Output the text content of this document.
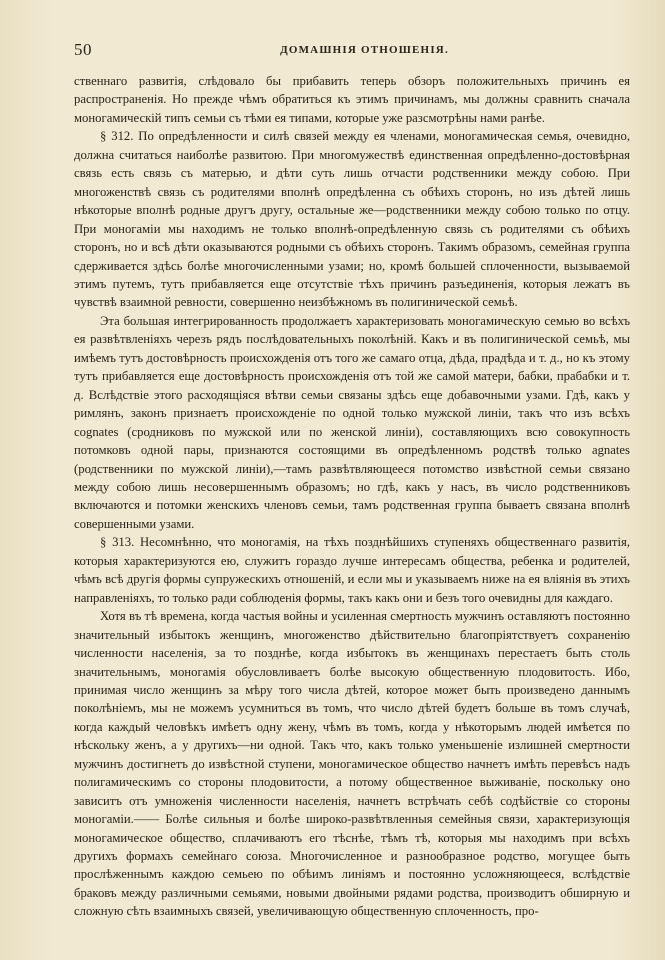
50	ДОМАШНІЯ ОТНОШЕНІЯ.

ственнаго развитія, слѣдовало бы прибавить теперь обзоръ положительныхъ причинъ ея распространенія. Но прежде чѣмъ обратиться къ этимъ причинамъ, мы должны сравнить сначала моногамическій типъ семьи съ тѣми ея типами, которые уже разсмотрѣны нами ранѣе.

§ 312. По опредѣленности и силѣ связей между ея членами, моногамическая семья, очевидно, должна считаться наиболѣе развитою. При многомужествѣ единственная опредѣленно-достовѣрная связь есть связь съ матерью, и дѣти суть лишь отчасти родственники между собою. При многоженствѣ связь съ родителями вполнѣ опредѣленна съ обѣихъ сторонъ, но изъ дѣтей лишь нѣкоторые вполнѣ родные другъ другу, остальные же—родственники между собою только по отцу. При моногаміи мы находимъ не только вполнѣ-опредѣленную связь съ родителями съ обѣихъ сторонъ, но и всѣ дѣти оказываются родными съ обѣихъ сторонъ. Такимъ образомъ, семейная группа сдерживается здѣсь болѣе многочисленными узами; но, кромѣ большей сплоченности, вызываемой этимъ путемъ, тутъ прибавляется еще отсутствіе тѣхъ причинъ разъединенія, которыя лежатъ въ чувствѣ взаимной ревности, совершенно неизбѣжномъ въ полигинической семьѣ.

Эта большая интегрированность продолжаетъ характеризовать моногамическую семью во всѣхъ ея развѣтвленіяхъ черезъ рядъ послѣдовательныхъ поколѣній. Какъ и въ полигинической семьѣ, мы имѣемъ тутъ достовѣрность происхожденія отъ того же самаго отца, дѣда, прадѣда и т. д., но къ этому тутъ прибавляется еще достовѣрность происхожденія отъ той же самой матери, бабки, прабабки и т. д. Вслѣдствіе этого расходящіяся вѣтви семьи связаны здѣсь еще добавочными узами. Гдѣ, какъ у римлянъ, законъ признаетъ происхожденіе по одной только мужской линіи, такъ что изъ всѣхъ cognates (сродниковъ по мужской или по женской линіи), составляющихъ всю совокупность потомковъ одной пары, признаются состоящими въ опредѣленномъ родствѣ только agnates (родственники по мужской линіи),—тамъ развѣтвляющееся потомство извѣстной семьи связано между собою лишь несовершеннымъ образомъ; но гдѣ, какъ у насъ, въ число родственниковъ включаются и потомки женскихъ членовъ семьи, тамъ родственная группа бываетъ связана вполнѣ совершенными узами.

§ 313. Несомнѣнно, что моногамія, на тѣхъ позднѣйшихъ ступеняхъ общественнаго развитія, которыя характеризуются ею, служитъ гораздо лучше интересамъ общества, ребенка и родителей, чѣмъ всѣ другія формы супружескихъ отношеній, и если мы и указываемъ ниже на ея вліянія въ этихъ направленіяхъ, то только ради соблюденія формы, такъ какъ они и безъ того очевидны для каждаго.

Хотя въ тѣ времена, когда частыя войны и усиленная смертность мужчинъ оставляютъ постоянно значительный избытокъ женщинъ, многоженство дѣйствительно благопріятствуетъ сохраненію численности населенія, за то позднѣе, когда избытокъ въ женщинахъ перестаетъ быть столь значительнымъ, моногамія обусловливаетъ болѣе высокую общественную плодовитость. Ибо, принимая число женщинъ за мѣру того числа дѣтей, которое может быть произведено даннымъ поколѣніемъ, мы не можемъ усумниться въ томъ, что число дѣтей будетъ больше въ томъ случаѣ, когда каждый человѣкъ имѣетъ одну жену, чѣмъ въ томъ, когда у нѣкоторымъ людей имѣется по нѣскольку женъ, а у другихъ—ни одной. Такъ что, какъ только уменьшеніе излишней смертности мужчинъ достигнетъ до извѣстной ступени, моногамическое общество начнетъ имѣть перевѣсъ надъ полигамическимъ со стороны плодовитости, а потому общественное выживаніе, поскольку оно зависитъ отъ умноженія численности населенія, начнетъ встрѣчать себѣ содѣйствіе со стороны моногаміи.—— Болѣе сильныя и болѣе широко-развѣтвленныя семейныя связи, характеризующія моногамическое общество, сплачиваютъ его тѣснѣе, тѣмъ тѣ, которыя мы находимъ при всѣхъ другихъ формахъ семейнаго союза. Многочисленное и разнообразное родство, могущее быть прослѣженнымъ каждою семьею по обѣимъ линіямъ и постоянно усложняющееся, вслѣдствіе браковъ между различными семьями, новыми двойными рядами родства, производитъ обширную и сложную сѣть взаимныхъ связей, увеличивающую общественную сплоченность, про-
